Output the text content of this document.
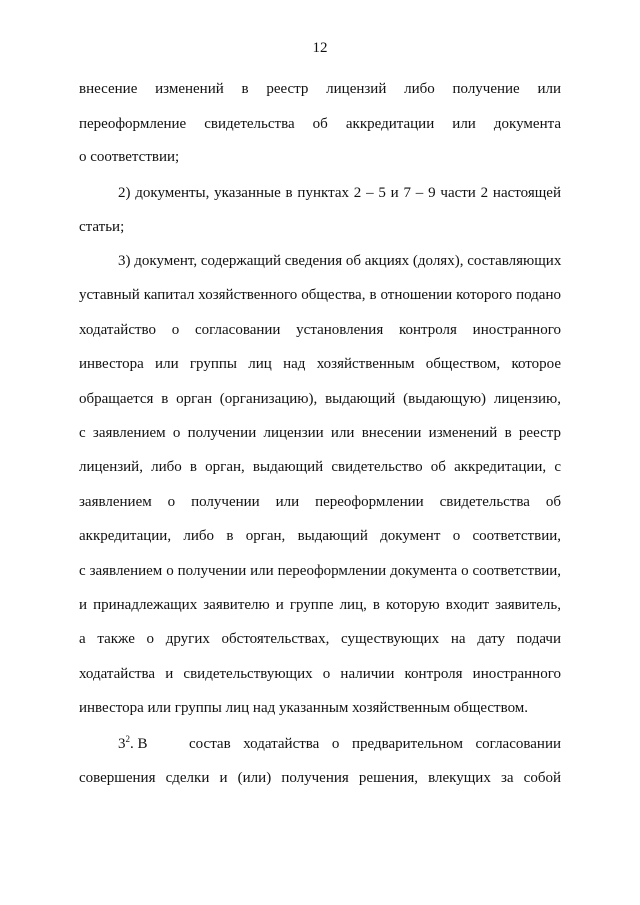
12
внесение изменений в реестр лицензий либо получение или
переоформление свидетельства об аккредитации или документа
о соответствии;
2) документы, указанные в пунктах 2 – 5 и 7 – 9 части 2 настоящей
статьи;
3) документ, содержащий сведения об акциях (долях), составляющих
уставный капитал хозяйственного общества, в отношении которого подано
ходатайство о согласовании установления контроля иностранного
инвестора или группы лиц над хозяйственным обществом, которое
обращается в орган (организацию), выдающий (выдающую) лицензию,
с заявлением о получении лицензии или внесении изменений в реестр
лицензий, либо в орган, выдающий свидетельство об аккредитации, с
заявлением о получении или переоформлении свидетельства об
аккредитации, либо в орган, выдающий документ о соответствии,
с заявлением о получении или переоформлении документа о соответствии,
и принадлежащих заявителю и группе лиц, в которую входит заявитель,
а также о других обстоятельствах, существующих на дату подачи
ходатайства и свидетельствующих о наличии контроля иностранного
инвестора или группы лиц над указанным хозяйственным обществом.
$3^2$. В	состав ходатайства о предварительном согласовании
совершения сделки и (или) получения решения, влекущих за собой
